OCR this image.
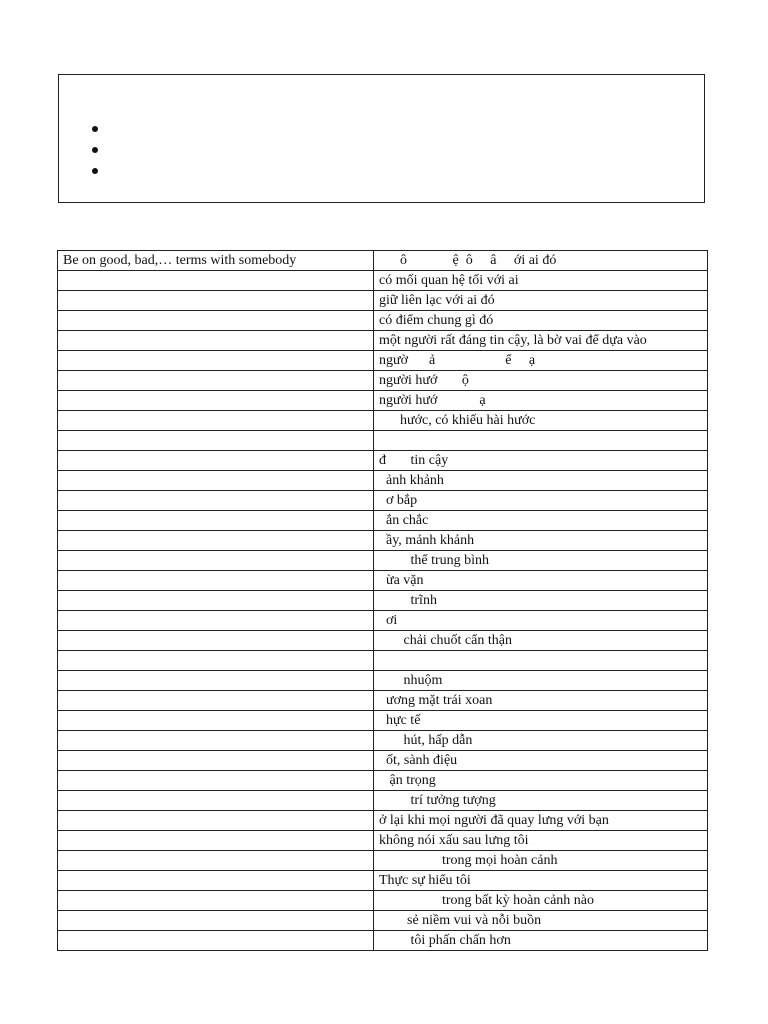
Be on good, bad,… terms with somebody	ô             ệ  ô     â     ới ai đó
	có mối quan hệ tối với ai
	giữ liên lạc với ai đó
	có điểm chung gì đó
	một người rất đáng tin cậy, là bờ vai để dựa vào
	ngườ      ả                    ể     ạ
	người hướ       ộ
	người hướ            ạ
	hước, có khiếu hài hước

	đ       tin cậy
	ảnh khảnh
	ơ bắp
	ắn chắc
	ầy, mảnh khảnh
	thể trung bình
	ừa vặn
	trĩnh
	ơi
	chải chuốt cẩn thận

	nhuộm
	ương mặt trái xoan
	hực tế
	hút, hấp dẫn
	ốt, sành điệu
	ận trọng
	trí tưởng tượng
	ở lại khi mọi người đã quay lưng với bạn
	không nói xấu sau lưng tôi
	trong mọi hoàn cảnh
	Thực sự hiểu tôi
	trong bất kỳ hoàn cảnh nào
	sẻ niềm vui và nỗi buồn
	tôi phấn chấn hơn
